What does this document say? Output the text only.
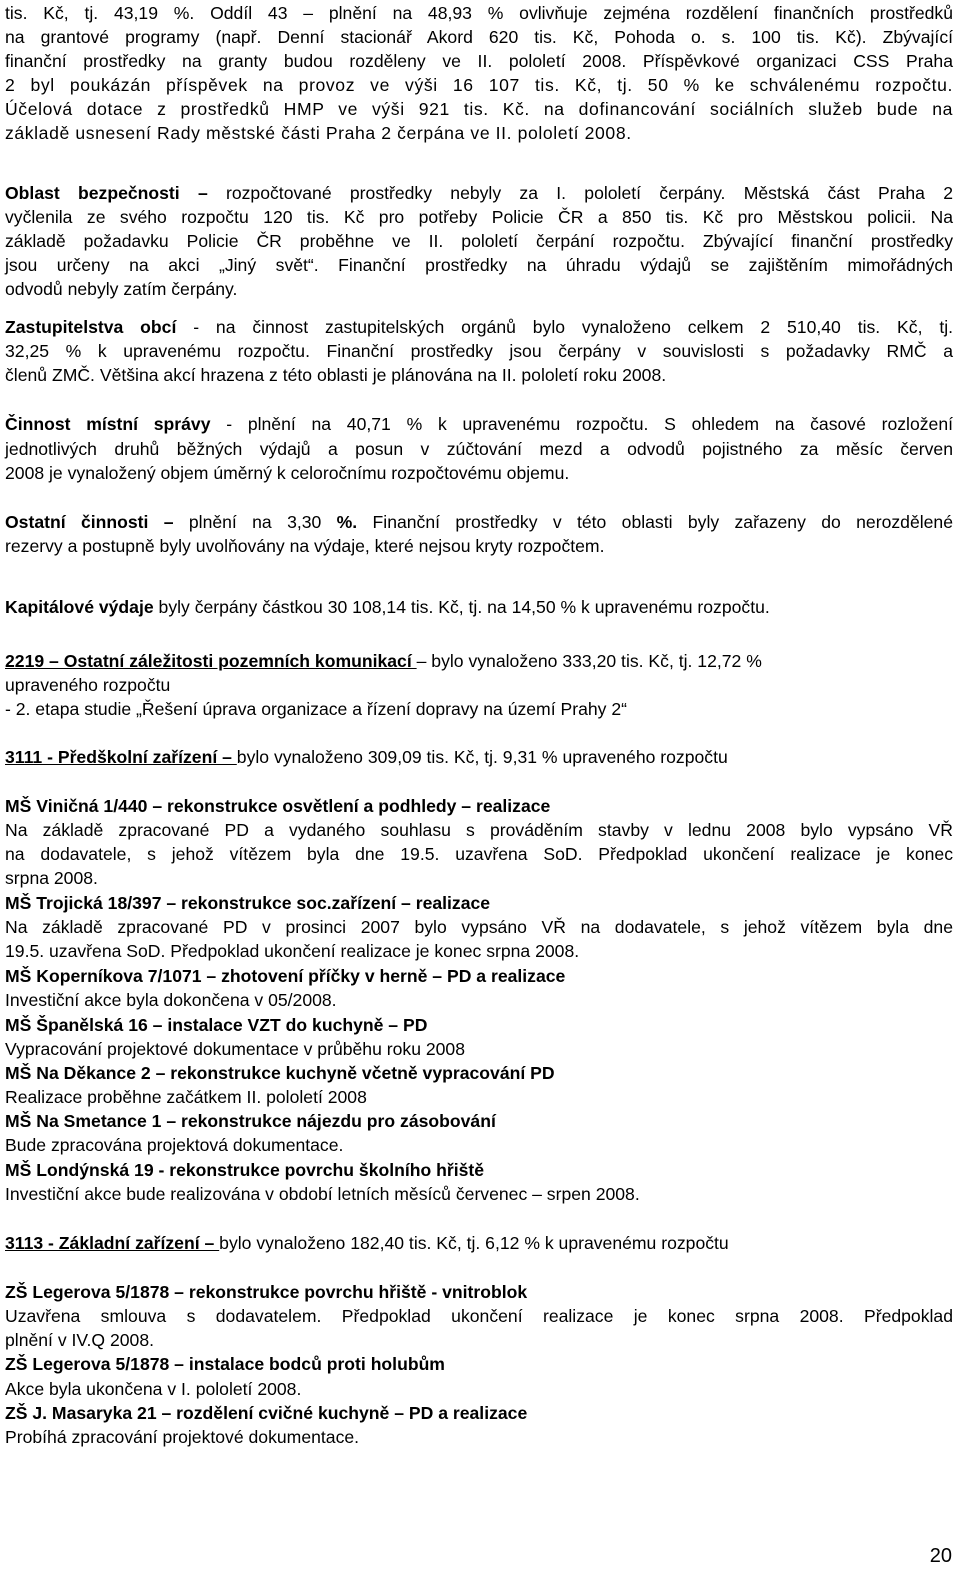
tis. Kč, tj. 43,19 %. Oddíl 43 – plnění na 48,93 % ovlivňuje zejména rozdělení finančních prostředků
na grantové programy (např. Denní stacionář Akord 620 tis. Kč, Pohoda o. s. 100 tis. Kč). Zbývající
finanční prostředky na granty budou rozděleny ve II. pololetí 2008. Příspěvkové organizaci CSS Praha
2 byl poukázán příspěvek na provoz ve výši 16 107 tis. Kč, tj. 50 % ke schválenému rozpočtu.
Účelová dotace z prostředků HMP ve výši 921 tis. Kč. na dofinancování sociálních služeb bude na
základě usnesení Rady městské části Praha 2 čerpána ve II. pololetí 2008.
Oblast bezpečnosti – rozpočtované prostředky nebyly za I. pololetí čerpány. Městská část Praha 2
vyčlenila ze svého rozpočtu 120 tis. Kč pro potřeby Policie ČR a 850 tis. Kč pro Městskou policii. Na
základě požadavku Policie ČR proběhne ve II. pololetí čerpání rozpočtu. Zbývající finanční prostředky
jsou určeny na akci „Jiný svět“. Finanční prostředky na úhradu výdajů se zajištěním mimořádných
odvodů nebyly zatím čerpány.
Zastupitelstva obcí - na činnost zastupitelských orgánů bylo vynaloženo celkem 2 510,40 tis. Kč, tj.
32,25 % k upravenému rozpočtu. Finanční prostředky jsou čerpány v souvislosti s požadavky RMČ a
členů ZMČ. Většina akcí hrazena z této oblasti je plánována na II. pololetí roku 2008.
Činnost místní správy - plnění na 40,71 % k upravenému rozpočtu. S ohledem na časové rozložení
jednotlivých druhů běžných výdajů a posun v zúčtování mezd a odvodů pojistného za měsíc červen
2008 je vynaložený objem úměrný k celoročnímu rozpočtovému objemu.
Ostatní činnosti – plnění na 3,30 %. Finanční prostředky v této oblasti byly zařazeny do nerozdělené
rezervy a postupně byly uvolňovány na výdaje, které nejsou kryty rozpočtem.
Kapitálové výdaje byly čerpány částkou 30 108,14 tis. Kč, tj. na 14,50 % k upravenému rozpočtu.
2219 – Ostatní záležitosti pozemních komunikací – bylo vynaloženo 333,20 tis. Kč, tj. 12,72 %
upraveného rozpočtu
- 2. etapa studie „Řešení úprava organizace a řízení dopravy na území Prahy 2“
3111 - Předškolní zařízení – bylo vynaloženo 309,09 tis. Kč, tj. 9,31 % upraveného rozpočtu
MŠ Viničná 1/440 – rekonstrukce osvětlení a podhledy – realizace
Na základě zpracované PD a vydaného souhlasu s prováděním stavby v lednu 2008 bylo vypsáno VŘ
na dodavatele, s jehož vítězem byla dne 19.5. uzavřena SoD. Předpoklad ukončení realizace je konec
srpna 2008.
MŠ Trojická 18/397 – rekonstrukce soc.zařízení – realizace
Na základě zpracované PD v prosinci 2007 bylo vypsáno VŘ na dodavatele, s jehož vítězem byla dne
19.5. uzavřena SoD. Předpoklad ukončení realizace je konec srpna 2008.
MŠ Koperníkova 7/1071 – zhotovení příčky v herně – PD a realizace
Investiční akce byla dokončena v 05/2008.
MŠ Španělská 16 – instalace VZT do kuchyně – PD
Vypracování projektové dokumentace v průběhu roku 2008
MŠ Na Děkance 2 – rekonstrukce kuchyně včetně vypracování PD
Realizace proběhne začátkem II. pololetí 2008
MŠ Na Smetance 1 – rekonstrukce nájezdu pro zásobování
Bude zpracována projektová dokumentace.
MŠ Londýnská 19 - rekonstrukce povrchu školního hřiště
Investiční akce bude realizována v období letních měsíců červenec – srpen 2008.
3113 - Základní zařízení – bylo vynaloženo 182,40 tis. Kč, tj. 6,12 % k upravenému rozpočtu
ZŠ Legerova 5/1878 – rekonstrukce povrchu hřiště - vnitroblok
Uzavřena smlouva s dodavatelem. Předpoklad ukončení realizace je konec srpna 2008. Předpoklad
plnění v IV.Q 2008.
ZŠ Legerova 5/1878 – instalace bodců proti holubům
Akce byla ukončena v I. pololetí 2008.
ZŠ J. Masaryka 21 – rozdělení cvičné kuchyně – PD a realizace
Probíhá zpracování projektové dokumentace.
20
